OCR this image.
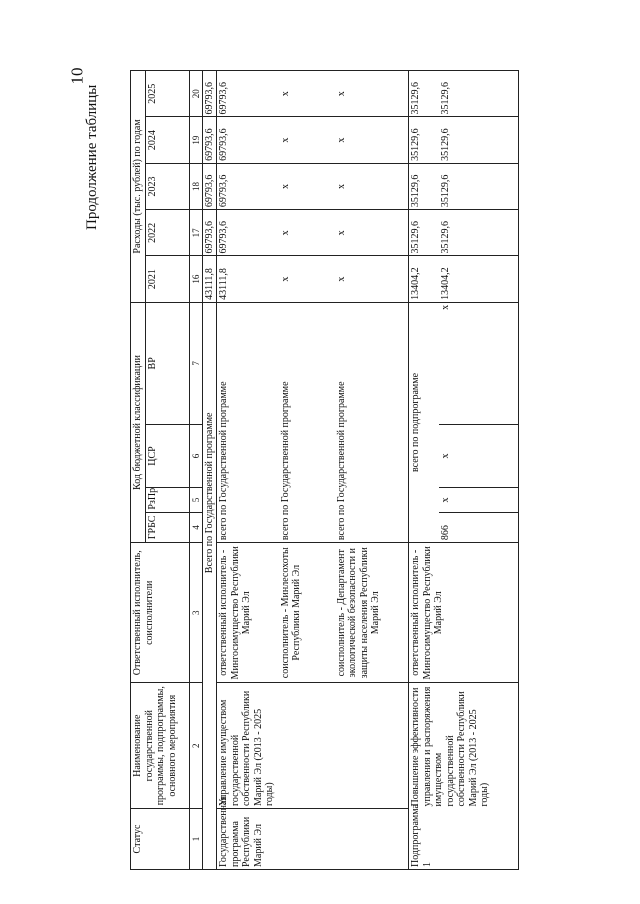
10
Продолжение таблицы
Статус	Наименование государственной программы, подпрограммы, основного мероприятия	Ответственный исполнитель, соисполнители	Код бюджетной классификации				Расходы (тыс. рублей) по годам				
			ГРБС	РзПр	ЦСР	ВР	2021	2022	2023	2024	2025
1	2	3	4	5	6	7	16	17	18	19	20
		Всего по Государственной программе					43111,8	69793,6	69793,6	69793,6	69793,6
Государственная программа Республики Марий Эл	Управление имуществом государственной собственности Республики Марий Эл (2013 - 2025 годы)	ответственный исполнитель - Мингосимущество Республики Марий Эл	всего по Государственной программе				43111,8	69793,6	69793,6	69793,6	69793,6
		соисполнитель - Минлесохоты Республики Марий Эл	всего по Государственной программе				x	x	x	x	x
		соисполнитель - Департамент экологической безопасности и защиты населения Республики Марий Эл	всего по Государственной программе				x	x	x	x	x
Подпрограмма 1	Повышение эффективности управления и распоряжения имуществом государственной собственности Республики Марий Эл (2013 - 2025 годы)	ответственный исполнитель - Мингосимущество Республики Марий Эл	всего по подпрограмме				13404,2	35129,6	35129,6	35129,6	35129,6
			866	x	x	x	13404,2	35129,6	35129,6	35129,6	35129,6
